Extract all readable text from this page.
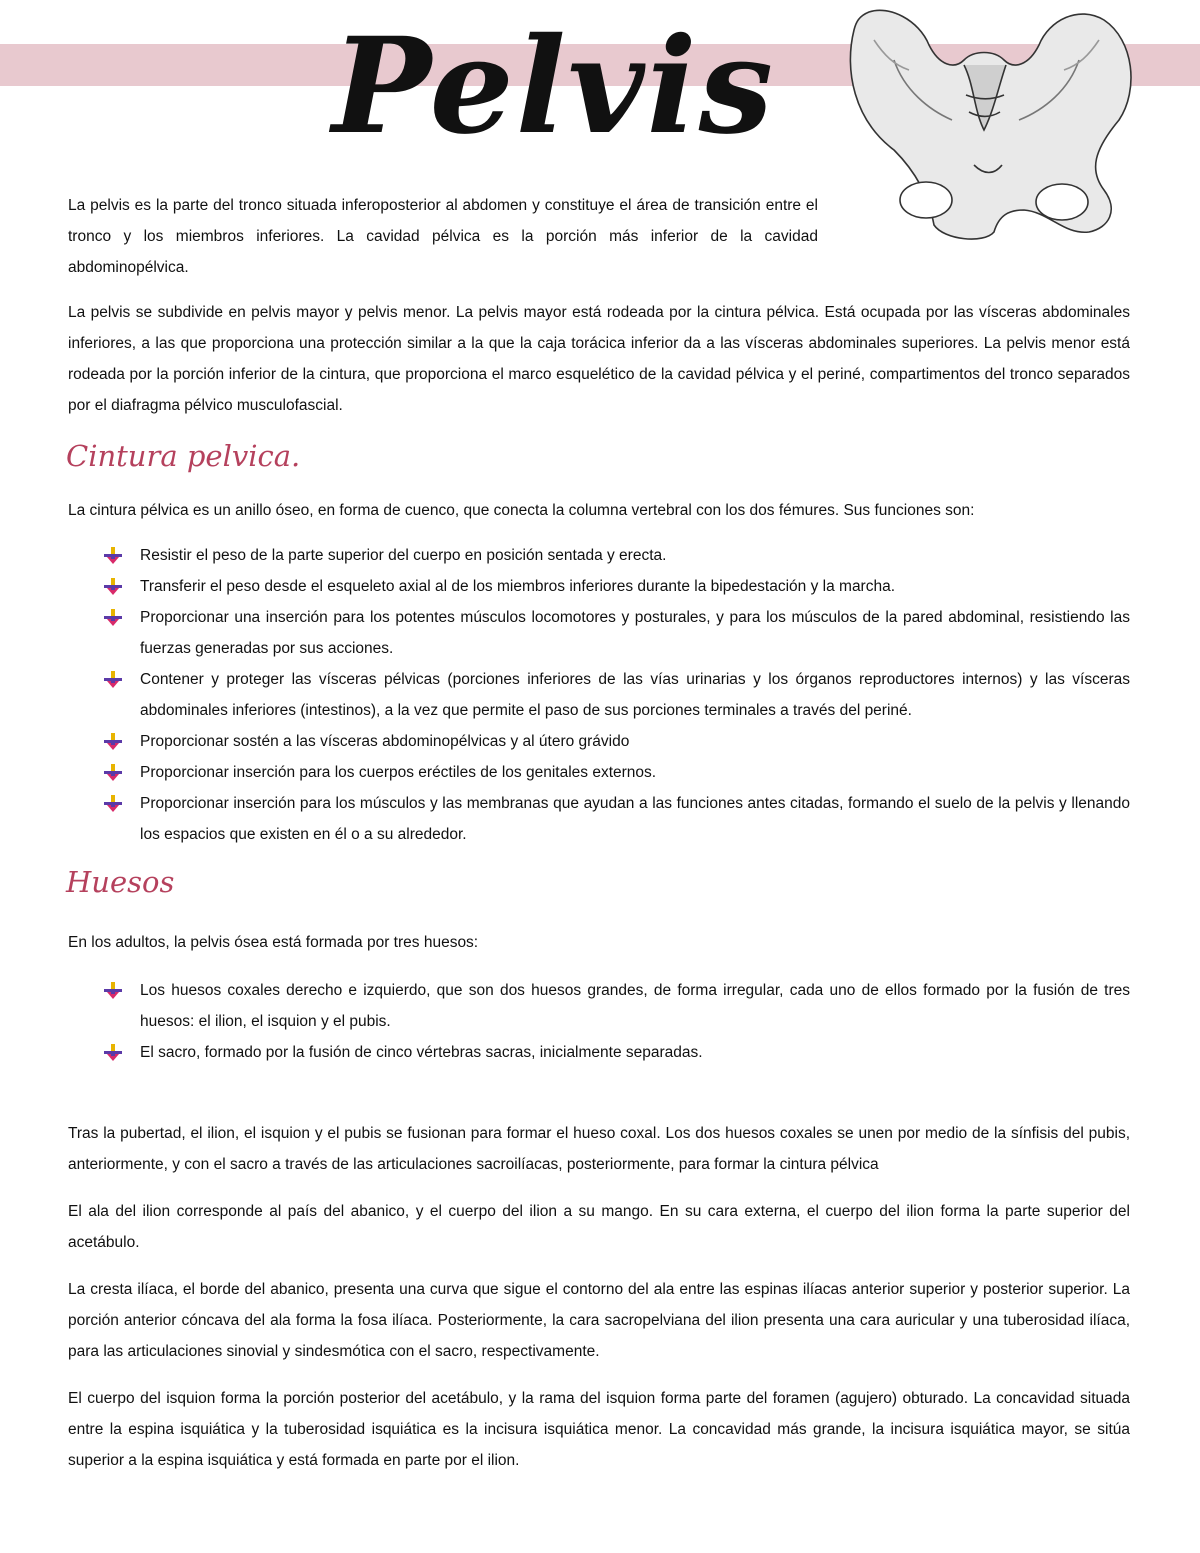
Pelvis

La pelvis es la parte del tronco situada inferoposterior al abdomen y constituye el área de transición entre el tronco y los miembros inferiores. La cavidad pélvica es la porción más inferior de la cavidad abdominopélvica.

La pelvis se subdivide en pelvis mayor y pelvis menor. La pelvis mayor está rodeada por la cintura pélvica. Está ocupada por las vísceras abdominales inferiores, a las que proporciona una protección similar a la que la caja torácica inferior da a las vísceras abdominales superiores. La pelvis menor está rodeada por la porción inferior de la cintura, que proporciona el marco esquelético de la cavidad pélvica y el periné, compartimentos del tronco separados por el diafragma pélvico musculofascial.

Cintura pelvica.

La cintura pélvica es un anillo óseo, en forma de cuenco, que conecta la columna vertebral con los dos fémures. Sus funciones son:

Resistir el peso de la parte superior del cuerpo en posición sentada y erecta.
Transferir el peso desde el esqueleto axial al de los miembros inferiores durante la bipedestación y la marcha.
Proporcionar una inserción para los potentes músculos locomotores y posturales, y para los músculos de la pared abdominal, resistiendo las fuerzas generadas por sus acciones.
Contener y proteger las vísceras pélvicas (porciones inferiores de las vías urinarias y los órganos reproductores internos) y las vísceras abdominales inferiores (intestinos), a la vez que permite el paso de sus porciones terminales a través del periné.
Proporcionar sostén a las vísceras abdominopélvicas y al útero grávido
Proporcionar inserción para los cuerpos eréctiles de los genitales externos.
Proporcionar inserción para los músculos y las membranas que ayudan a las funciones antes citadas, formando el suelo de la pelvis y llenando los espacios que existen en él o a su alrededor.
Huesos

En los adultos, la pelvis ósea está formada por tres huesos:

Los huesos coxales derecho e izquierdo, que son dos huesos grandes, de forma irregular, cada uno de ellos formado por la fusión de tres huesos: el ilion, el isquion y el pubis.
El sacro, formado por la fusión de cinco vértebras sacras, inicialmente separadas.

Tras la pubertad, el ilion, el isquion y el pubis se fusionan para formar el hueso coxal. Los dos huesos coxales se unen por medio de la sínfisis del pubis, anteriormente, y con el sacro a través de las articulaciones sacroilíacas, posteriormente, para formar la cintura pélvica

El ala del ilion corresponde al país del abanico, y el cuerpo del ilion a su mango. En su cara externa, el cuerpo del ilion forma la parte superior del acetábulo.

La cresta ilíaca, el borde del abanico, presenta una curva que sigue el contorno del ala entre las espinas ilíacas anterior superior y posterior superior. La porción anterior cóncava del ala forma la fosa ilíaca. Posteriormente, la cara sacropelviana del ilion presenta una cara auricular y una tuberosidad ilíaca, para las articulaciones sinovial y sindesmótica con el sacro, respectivamente.

El cuerpo del isquion forma la porción posterior del acetábulo, y la rama del isquion forma parte del foramen (agujero) obturado. La concavidad situada entre la espina isquiática y la tuberosidad isquiática es la incisura isquiática menor. La concavidad más grande, la incisura isquiática mayor, se sitúa superior a la espina isquiática y está formada en parte por el ilion.
